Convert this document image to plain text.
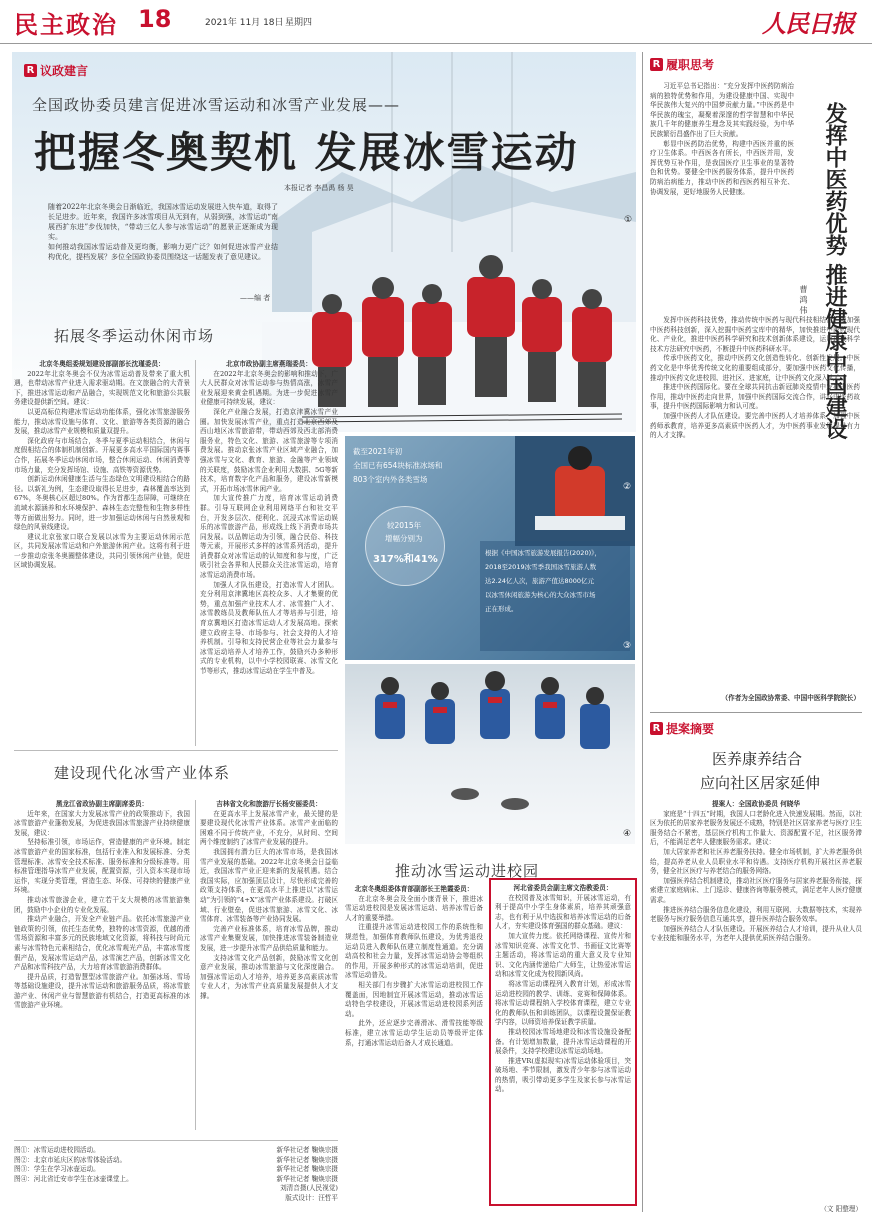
民主政治 18	2021年 11月 18日 星期四	人民日报
R 议政建言
全国政协委员建言促进冰雪运动和冰雪产业发展——
把握冬奥契机 发展冰雪运动
本报记者 李昌禹 杨 昊
①
随着2022年北京冬奥会日渐临近，我国冰雪运动发展进入快车道，取得了长足进步。近年来，我国许多冰雪项目从无到有，从弱到强，冰雪运动“南展西扩东进”步伐加快，“带动三亿人参与冰雪运动”的愿景正逐渐成为现实。
如何推动我国冰雪运动普及更均衡，影响力更广泛？如何促进冰雪产业结构优化，提档发展？多位全国政协委员围绕这一话题发表了意见建议。
——编 者
拓展冬季运动休闲市场

北京冬奥组委规划建设部副部长沈瑾委员：

2022年北京冬奥会不仅为冰雪运动普及带来了重大机遇，也带动冰雪产业进入需求驱动期。在文旅融合的大背景下，推进冰雪运动和产品融合，实现规范文化和旅游公共服务建设提供新空间。建议：

以更高标位构建冰雪运动功能体系，强化冰雪旅游服务能力，推动冰雪设施与体育、文化、旅游等各类资源的融合发展，推动冰雪产业规模和质量双提升。

深化政府与市场结合，冬季与夏季运动相结合，休闲与度假相结合的体制机制创新。开展更多高水平国际国内赛事合作，拓展冬季运动休闲市场，整合休闲运动、休闲消费等市场力量，充分发挥场馆、设施、高铁等资源优势。

创新运动休闲健康生活与生态绿色文明建设相结合的路径。以新礼为例，生态建设取得长足进步，森林覆盖率达到67%，冬奥核心区超过80%。作为首都生态屏障，可继续在流域水源涵养和水环境保护、森林生态完整性和生物多样性等方面做出努力。同时，进一步加强运动休闲与自然景观和绿色的风景线建设。

建议北京张家口联合发展以冰雪为主要运动休闲示范区，共同发展冰雪运动和户外旅游休闲产业。这将有利于进一步推动京张冬奥圈整体建设，共同引领休闲产业链，促进区域协调发展。

北京市政协副主席燕瑞委员：

在2022年北京冬奥会的影响和推动下，广大人民群众对冰雪运动参与热情高涨，冰雪产业发展迎来黄金机遇期。为进一步促进冰雪产业健康可持续发展，建议：

深化产业融合发展，打造京津冀冰雪产业圈。加快发展冰雪产业，重点打造北京西郊及西山地区冰雪旅游带，带动西郊及西北部消费服务业，特色文化、旅游、冰雪旅游等专项消费发展。推动京张冰雪产业区域产业融合，加强冰雪与文化、教育、旅游、金融等产业领域的关联度，鼓励冰雪企业利用大数据、5G等新技术，培育数字化产品和服务，建设冰雪新模式，开拓市场冰雪休闲产业。

加大宣传推广力度，培育冰雪运动消费群。引导互联网企业利用网络平台和社交平台，开发多层次、便利化、沉浸式冰雪运动娱乐的冰雪旅游产品，形成线上线下消费市场共同发展。以品牌运动为引领，融合民俗、科技等元素，开展形式多样的冰雪系列活动，提升消费群众对冰雪运动的认知度和参与度，广泛吸引社会各界和人民群众关注冰雪运动，培育冰雪运动消费市场。

加强人才队伍建设，打造冰雪人才团队。充分利用京津冀地区高校众多、人才集聚的优势，重点加强产业技术人才、冰雪推广人才、冰雪教练员及教师队伍人才等培养与引进，培育京冀地区打造冰雪运动人才发展高地。探索建立政府主导、市场参与、社会支持的人才培养机制。引导和支持民营企业等社会力量参与冰雪运动培养人才培养工作，鼓励兴办多种形式的专业机构，以中小学校园联赛、冰雪文化节等形式，推动冰雪运动在学生中普及。

②
截至2021年初
全国已有654块标准冰场和
803个室内外各类雪场
较2015年
增幅分别为
317%和41%
根据《中国冰雪旅游发展报告(2020)》，
2018至2019冰雪季我国冰雪旅游人数
达2.24亿人次，旅游产值达8000亿元
以冰雪休闲旅游为核心的大众冰雪市场
正在形成。
③
④
建设现代化冰雪产业体系

黑龙江省政协副主席副席委员：

近年来，在国家大力发展冰雪产业的政策推动下，我国冰雪旅游产业蓬勃发展，为促进我国冰雪旅游产业持续健康发展，建议：

坚持标准引领，市场运作，营造健康的产业环境。制定冰雪旅游产业的国家标准，包括行业准入和发展标准、分类管理标准、冰雪安全技术标准、服务标准和分级标准等。用标准管理指导冰雪产业发展，配置资源，引入资本实现市场运作，实现分类管理，营造生态、环保、可持续的健康产业环境。

推动冰雪旅游企业，建立若干支大规模的冰雪旅游集团，鼓励中小企业的专业化发展。

推动产业融合，开发全产业链产品。依托冰雪旅游产业链政策的引领，依托生态优势，独特的冰雪资源，优越的滑雪场资源和丰富多元的民族地域文化资源，将科技与时尚元素与冰雪特色元素相结合，优化冰雪观光产品，丰富冰雪度假产品，发展冰雪运动产品，冰雪演艺产品，创新冰雪文化产品和冰雪科技产品，大力培育冰雪旅游消费群体。

提升品质，打造智慧型冰雪旅游产业。加强冰场、雪场等基础设施建设，提升冰雪运动和旅游服务品质，将冰雪旅游产业、休闲产业与智慧旅游有机结合，打造更高标准的冰雪旅游产业环境。

吉林省文化和旅游厅长杨安丽委员：

在更高水平上发展冰雪产业，最关键的是要建设现代化冰雪产业体系。冰雪产业面临的困难不同于传统产业，不充分，从时间、空间两个维度制约了冰雪产业发展的提升。

我国拥有潜力巨大的冰雪市场，是我国冰雪产业发展的基础。2022年北京冬奥会日益临近，我国冰雪产业正迎来新的发展机遇。结合我国实际，应加强顶层设计，尽快形成完善的政策支持体系，在更高水平上推进以“冰雪运动”为引领的“4+X”冰雪产业体系建设。打破区域、行业壁垒，促进冰雪旅游、冰雪文化、冰雪体育、冰雪装备等产业协同发展。

完善产业标准体系，培育冰雪品牌，推动冰雪产业集聚发展，加快推进冰雪装备制造业发展，进一步提升冰雪产品供给质量和能力。

支持冰雪文化产品创新，鼓励冰雪文化创意产业发展，推动冰雪旅游与文化深度融合。加强冰雪运动人才培养，培养更多高素质冰雪专业人才，为冰雪产业高质量发展提供人才支撑。

推动冰雪运动进校园

北京冬奥组委体育部副部长王艳霞委员：

在北京冬奥会及全面小康背景下，推进冰雪运动进校园是发展冰雪运动、培养冰雪后备人才的重要举措。

注重提升冰雪运动进校园工作的系统性和规范性，加强体育教师队伍建设，为优秀退役运动员进入教师队伍建立制度性通道。充分调动高校和社会力量，发挥冰雪运动协会等组织的作用，开展多种形式的冰雪运动培训，促进冰雪运动普及。

相关部门有步骤扩大冰雪运动进校园工作覆盖面，因地制宜开展冰雪运动，推动冰雪运动特色学校建设，开展冰雪运动进校园系列活动。

此外，还应逐步完善滑冰、滑雪技能等级标准，建立冰雪运动学生运动员等级评定体系，打通冰雪运动后备人才成长通道。

河北省委员会副主席文浩教委员：

在校园普及冰雪知识，开展冰雪运动，有利于提高中小学生身体素质，培养其顽强意志，也有利于从中选拔和培养冰雪运动的后备人才，夯实建设体育强国的群众基础。建议：

加大宣传力度。依托网络课程、宣传片和冰雪知识竞赛、冰雪文化节、书画征文比赛等主题活动，将冰雪运动的重大意义及专业知识、文化内涵传递给广大师生，让热爱冰雪运动和冰雪文化成为校园新风尚。

将冰雪运动课程列入教育计划，形成冰雪运动进校园的教学、训练、竞赛和保障体系。将冰雪运动课程纳入学校体育课程，建立专业化的教师队伍和训练团队，以课程设置保证教学内容，以师资培养保证教学质量。

推动校园冰雪场地建设和冰雪设施设备配备。有计划增加数量，提升冰雪运动课程的开展条件，支持学校建设冰雪运动场地。

推进VR(虚拟现实)冰雪运动体验项目，突破场地、季节限制，激发青少年参与冰雪运动的热情，吸引带动更多学生及家长参与冰雪运动。

图①：冰雪运动进校园活动。	新华社记者 鞠焕宗摄
图②：北京市延庆区的冰雪体验活动。	新华社记者 鞠焕宗摄
图③：学生在学习冰壶运动。	新华社记者 鞠焕宗摄
图④：河北省迁安市学生在冰壶课堂上。	新华社记者 鞠焕宗摄
刘清音摄(人民视觉)
版式设计：汪哲平
R 履职思考
发挥中医药优势 推进健康中国建设
曹 鸿 伟

习近平总书记指出：“充分发挥中医药防病治病的独特优势和作用，为建设健康中国、实现中华民族伟大复兴的中国梦贡献力量。”中医药是中华民族的瑰宝，凝聚着深邃的哲学智慧和中华民族几千年的健康养生理念及其实践经验，为中华民族繁衍昌盛作出了巨大贡献。

彰显中医药防治优势，构建中西医并重的医疗卫生体系。中西医各有所长，中西医并用，发挥优势互补作用，是我国医疗卫生事业的显著特色和优势。要健全中医药服务体系，提升中医药防病治病能力，推动中医药和西医药相互补充、协调发展，更好地服务人民健康。

发挥中医药科技优势，推动传统中医药与现代科技相结合。要加强中医药科技创新，深入挖掘中医药宝库中的精华，加快推进中医药现代化、产业化，推进中医药科学研究和技术创新体系建设，运用现代科学技术方法研究中医药，不断提升中医药科研水平。

传承中医药文化，推动中医药文化创造性转化、创新性发展。中医药文化是中华优秀传统文化的重要组成部分，要加强中医药文化传播，推动中医药文化进校园、进社区、进家庭，让中医药文化深入人心。

推进中医药国际化。要在全球共同抗击新冠肺炎疫情中发挥中医药作用，推动中医药走向世界，加强中医药国际交流合作，讲好中医药故事，提升中医药国际影响力和认可度。

加强中医药人才队伍建设。要完善中医药人才培养体系，加强中医药师承教育，培养更多高素质中医药人才，为中医药事业发展提供有力的人才支撑。

（作者为全国政协常委、中国中医科学院院长）
R 提案摘要
医养康养结合
应向社区居家延伸

提案人：全国政协委员 何晓华

家庭是“十四五”时期，我国人口老龄化进入快速发展期。然而，以社区为依托的居家养老服务发展还不成熟，特别是社区居家养老与医疗卫生服务结合不紧密，基层医疗机构工作量大、资源配置不足，社区服务滞后，不能满足老年人健康服务需求。建议：

加大居家养老和社区养老服务扶持。健全市场机制，扩大养老服务供给，提高养老从业人员职业水平和待遇。支持医疗机构开展社区养老服务，健全社区医疗与养老结合的服务网络。

加强医养结合机制建设，推动社区医疗服务与居家养老服务衔接，探索建立家庭病床、上门巡诊、健康咨询等服务模式，满足老年人医疗健康需求。

推进医养结合服务信息化建设，利用互联网、大数据等技术，实现养老服务与医疗服务信息互通共享，提升医养结合服务效率。

加强医养结合人才队伍建设。开展医养结合人才培训，提升从业人员专业技能和服务水平，为老年人提供优质医养结合服务。

（文 阳整理）
